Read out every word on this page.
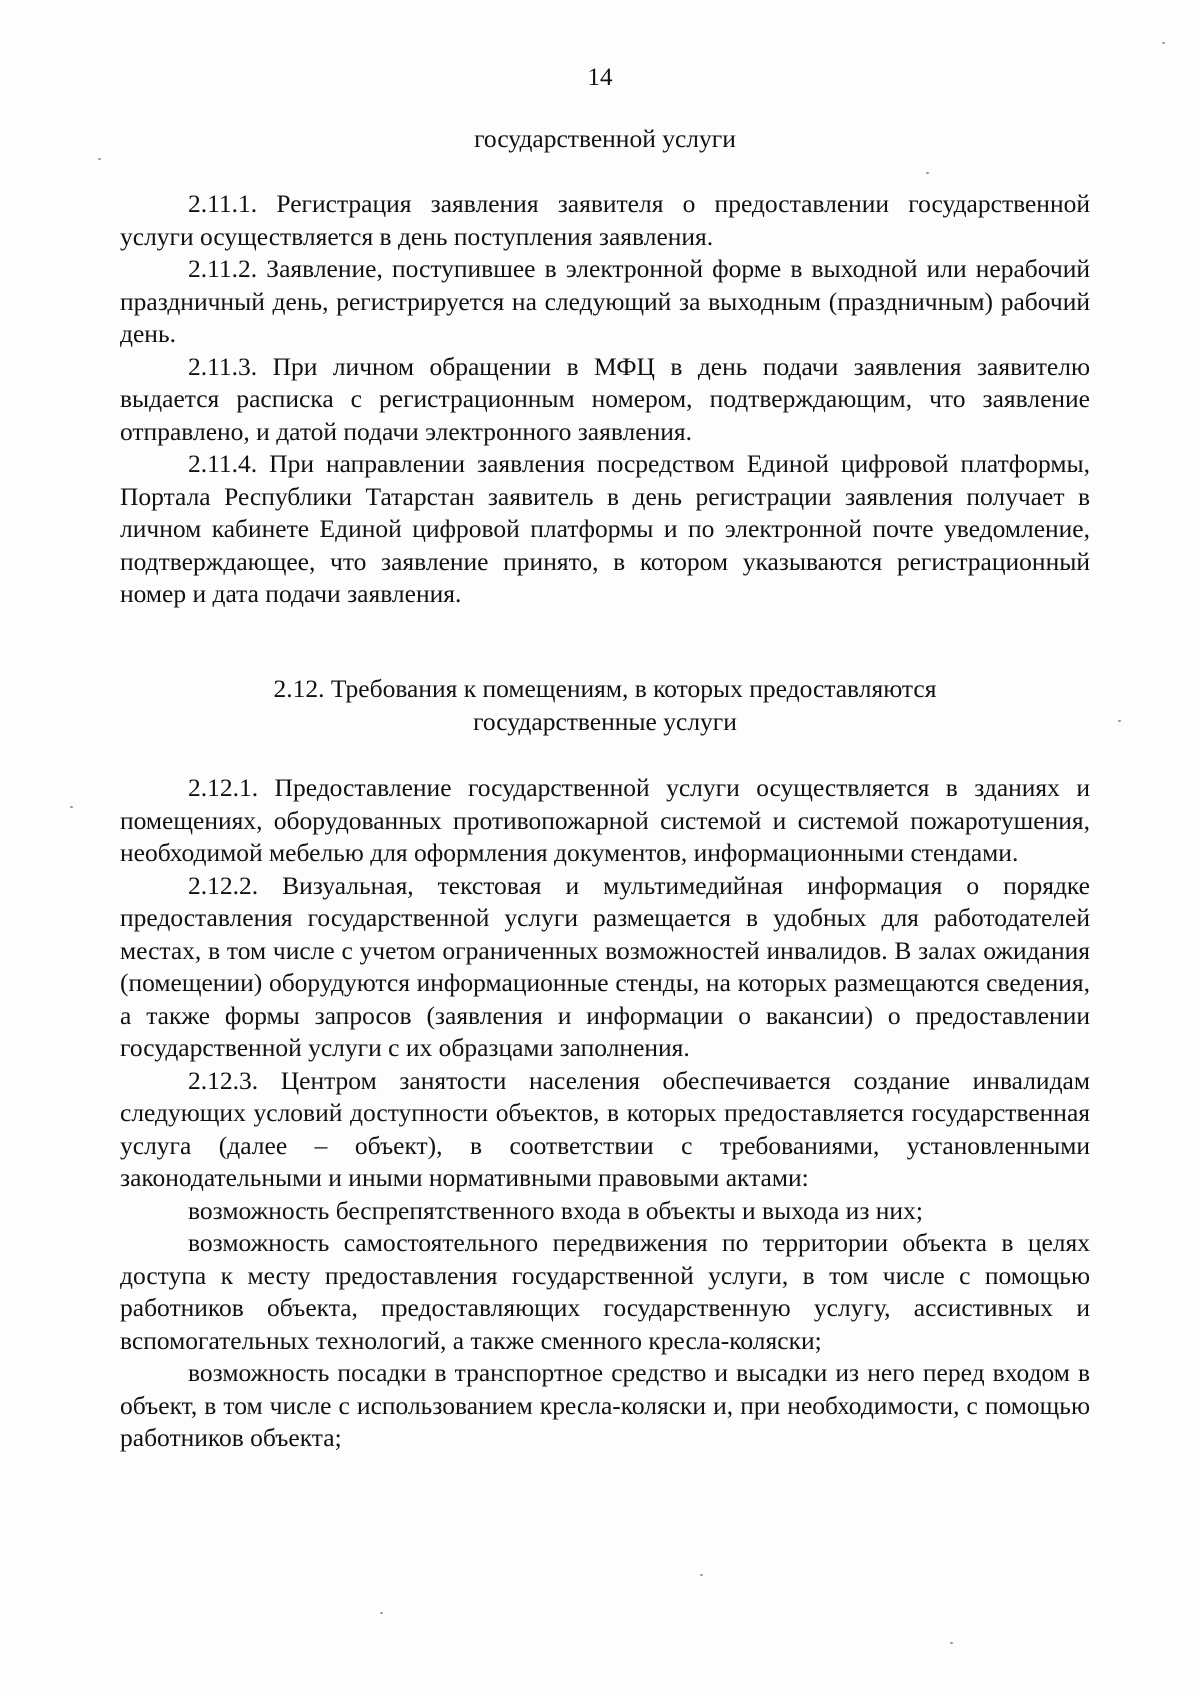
14

государственной услуги

2.11.1. Регистрация заявления заявителя о предоставлении государственной услуги осуществляется в день поступления заявления.

2.11.2. Заявление, поступившее в электронной форме в выходной или нерабочий праздничный день, регистрируется на следующий за выходным (праздничным) рабочий день.

2.11.3. При личном обращении в МФЦ в день подачи заявления заявителю выдается расписка с регистрационным номером, подтверждающим, что заявление отправлено, и датой подачи электронного заявления.

2.11.4. При направлении заявления посредством Единой цифровой платформы, Портала Республики Татарстан заявитель в день регистрации заявления получает в личном кабинете Единой цифровой платформы и по электронной почте уведомление, подтверждающее, что заявление принято, в котором указываются регистрационный номер и дата подачи заявления.

2.12. Требования к помещениям, в которых предоставляются

государственные услуги

2.12.1. Предоставление государственной услуги осуществляется в зданиях и помещениях, оборудованных противопожарной системой и системой пожаротушения, необходимой мебелью для оформления документов, информационными стендами.

2.12.2. Визуальная, текстовая и мультимедийная информация о порядке предоставления государственной услуги размещается в удобных для работодателей местах, в том числе с учетом ограниченных возможностей инвалидов. В залах ожидания (помещении) оборудуются информационные стенды, на которых размещаются сведения, а также формы запросов (заявления и информации о вакансии) о предоставлении государственной услуги с их образцами заполнения.

2.12.3. Центром занятости населения обеспечивается создание инвалидам следующих условий доступности объектов, в которых предоставляется государственная услуга (далее – объект), в соответствии с требованиями, установленными законодательными и иными нормативными правовыми актами:

возможность беспрепятственного входа в объекты и выхода из них;

возможность самостоятельного передвижения по территории объекта в целях доступа к месту предоставления государственной услуги, в том числе с помощью работников объекта, предоставляющих государственную услугу, ассистивных и вспомогательных технологий, а также сменного кресла-коляски;

возможность посадки в транспортное средство и высадки из него перед входом в объект, в том числе с использованием кресла-коляски и, при необходимости, с помощью работников объекта;
